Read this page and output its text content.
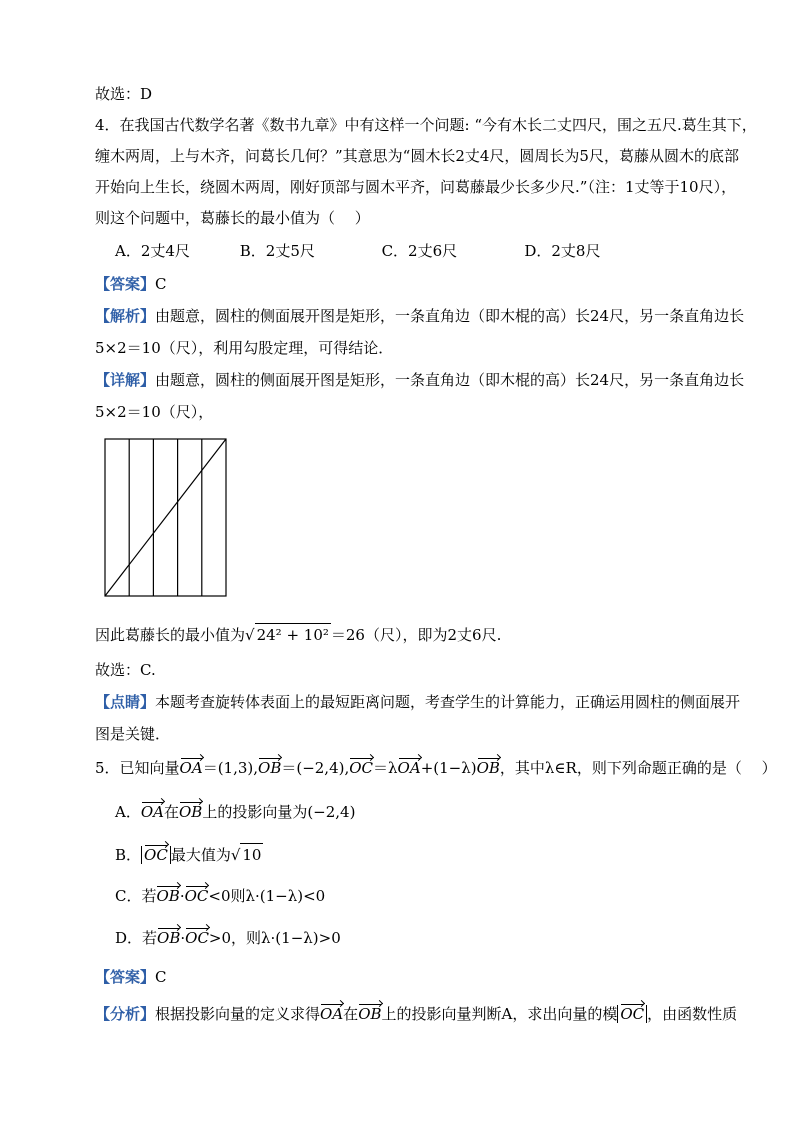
故选：D
4．在我国古代数学名著《数书九章》中有这样一个问题: “今有木长二丈四尺，围之五尺.葛生其下，
缠木两周，上与木齐，问葛长几何？”其意思为“圆木长2丈4尺，圆周长为5尺，葛藤从圆木的底部
开始向上生长，绕圆木两周，刚好顶部与圆木平齐，问葛藤最少长多少尺.”（注：1丈等于10尺），
则这个问题中，葛藤长的最小值为（　 ）
A．2丈4尺	B．2丈5尺	C．2丈6尺	D．2丈8尺
【答案】C
【解析】由题意，圆柱的侧面展开图是矩形，一条直角边（即木棍的高）长24尺，另一条直角边长
5×2＝10（尺），利用勾股定理，可得结论．
【详解】由题意，圆柱的侧面展开图是矩形，一条直角边（即木棍的高）长24尺，另一条直角边长
5×2＝10（尺），
因此葛藤长的最小值为√ 24² + 10² ＝26（尺），即为2丈6尺.
故选：C.
【点睛】本题考查旋转体表面上的最短距离问题，考查学生的计算能力，正确运用圆柱的侧面展开
图是关键．
5．已知向量OA＝(1,3),OB＝(−2,4),OC＝λOA+(1−λ)OB，其中λ∈R，则下列命题正确的是（　 ）
A．OA在OB上的投影向量为(−2,4)
B． OC 最大值为√ 10
C．若OB·OC<0则λ·(1−λ)<0
D．若OB·OC>0，则λ·(1−λ)>0
【答案】C
【分析】根据投影向量的定义求得OA在OB上的投影向量判断A，求出向量的模 OC ，由函数性质
